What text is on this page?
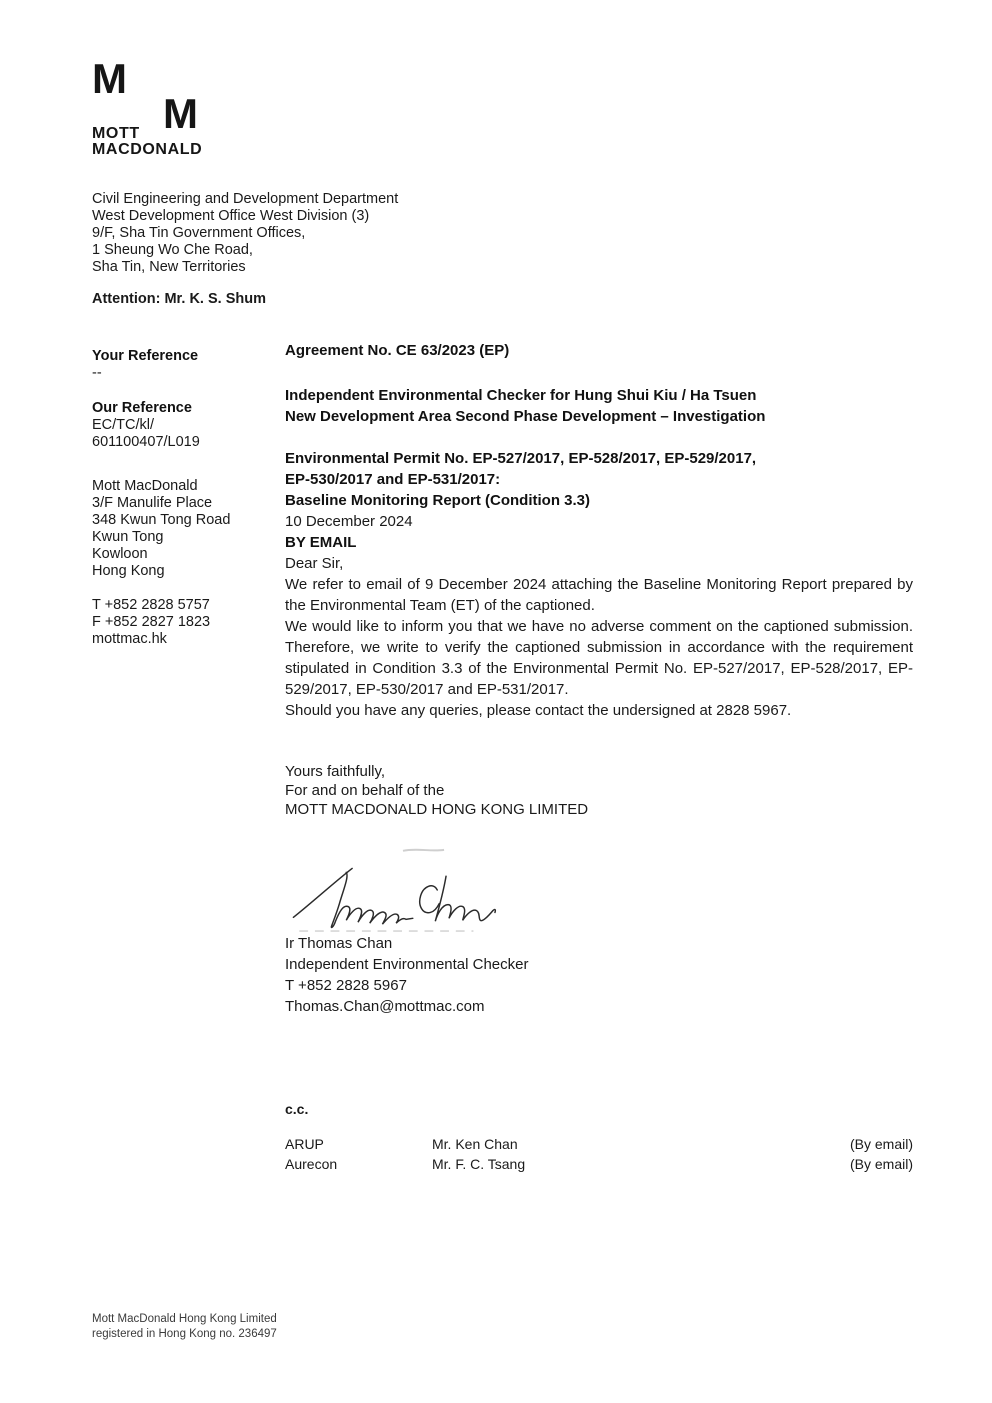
M
M
MOTT
MACDONALD
Civil Engineering and Development Department
West Development Office West Division (3)
9/F, Sha Tin Government Offices,
1 Sheung Wo Che Road,
Sha Tin, New Territories
Attention: Mr. K. S. Shum
Your Reference
--
Our Reference
EC/TC/kl/
601100407/L019
Mott MacDonald
3/F Manulife Place
348 Kwun Tong Road
Kwun Tong
Kowloon
Hong Kong
T +852 2828 5757
F +852 2827 1823
mottmac.hk

Agreement No. CE 63/2023 (EP)

Independent Environmental Checker for Hung Shui Kiu / Ha Tsuen
New Development Area Second Phase Development – Investigation
Environmental Permit No. EP-527/2017, EP-528/2017, EP-529/2017,
EP-530/2017 and EP-531/2017:
Baseline Monitoring Report (Condition 3.3)

10 December 2024

BY EMAIL

Dear Sir,

We refer to email of 9 December 2024 attaching the Baseline Monitoring Report prepared by the Environmental Team (ET) of the captioned.

We would like to inform you that we have no adverse comment on the captioned submission. Therefore, we write to verify the captioned submission in accordance with the requirement stipulated in Condition 3.3 of the Environmental Permit No. EP-527/2017, EP-528/2017, EP-529/2017, EP-530/2017 and EP-531/2017.

Should you have any queries, please contact the undersigned at 2828 5967.

Yours faithfully,
For and on behalf of the
MOTT MACDONALD HONG KONG LIMITED
Ir Thomas Chan
Independent Environmental Checker
T +852 2828 5967
Thomas.Chan@mottmac.com
c.c.
ARUP	Mr. Ken Chan	(By email)
Aurecon	Mr. F. C. Tsang	(By email)
Mott MacDonald Hong Kong Limited
registered in Hong Kong no. 236497
